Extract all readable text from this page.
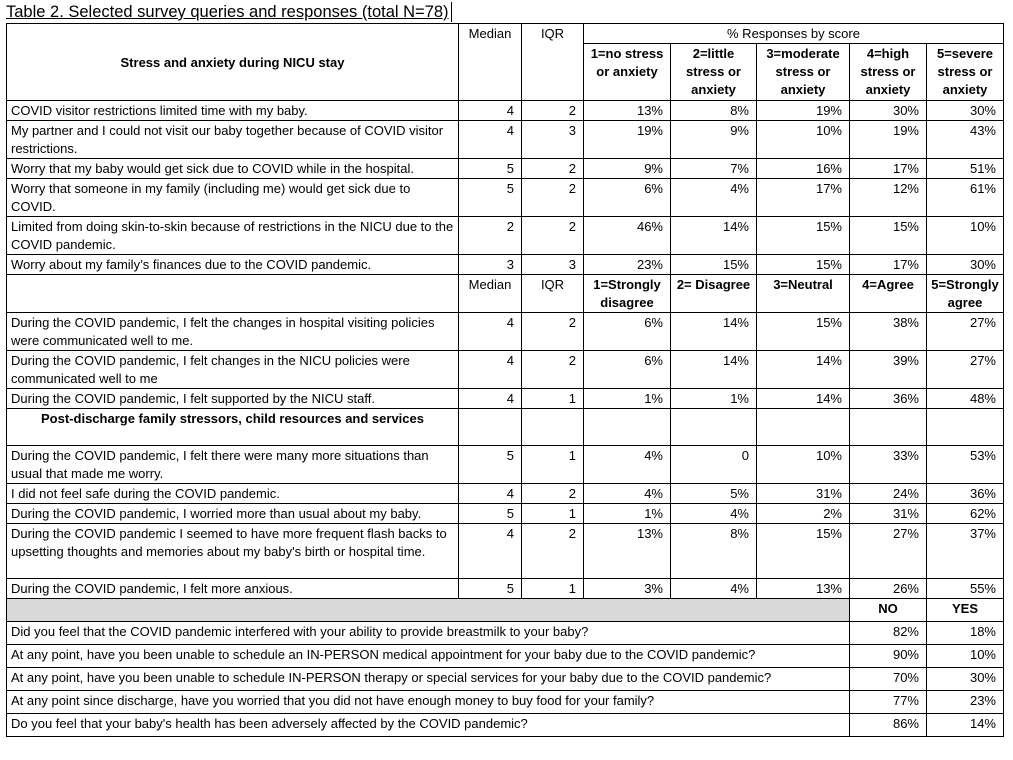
Table 2. Selected survey queries and responses (total N=78)
Stress and anxiety during NICU stay	Median	IQR	% Responses by score				
			1=no stress or anxiety	2=little stress or anxiety	3=moderate stress or anxiety	4=high stress or anxiety	5=severe stress or anxiety
COVID visitor restrictions limited time with my baby.	4	2	13%	8%	19%	30%	30%
My partner and I could not visit our baby together because of COVID visitor restrictions.	4	3	19%	9%	10%	19%	43%
Worry that my baby would get sick due to COVID while in the hospital.	5	2	9%	7%	16%	17%	51%
Worry that someone in my family (including me) would get sick due to COVID.	5	2	6%	4%	17%	12%	61%
Limited from doing skin-to-skin because of restrictions in the NICU due to the COVID pandemic.	2	2	46%	14%	15%	15%	10%
Worry about my family’s finances due to the COVID pandemic.	3	3	23%	15%	15%	17%	30%
	Median	IQR	1=Strongly disagree	2= Disagree	3=Neutral	4=Agree	5=Strongly agree
During the COVID pandemic, I felt the changes in hospital visiting policies were communicated well to me.	4	2	6%	14%	15%	38%	27%
During the COVID pandemic, I felt changes in the NICU policies were communicated well to me	4	2	6%	14%	14%	39%	27%
During the COVID pandemic, I felt supported by the NICU staff.	4	1	1%	1%	14%	36%	48%
Post-discharge family stressors, child resources and services							
During the COVID pandemic, I felt there were many more situations than usual that made me worry.	5	1	4%	0	10%	33%	53%
I did not feel safe during the COVID pandemic.	4	2	4%	5%	31%	24%	36%
During the COVID pandemic, I worried more than usual about my baby.	5	1	1%	4%	2%	31%	62%
During the COVID pandemic I seemed to have more frequent flash backs to upsetting thoughts and memories about my baby's birth or hospital time.	4	2	13%	8%	15%	27%	37%
During the COVID pandemic, I felt more anxious.	5	1	3%	4%	13%	26%	55%
						NO	YES
Did you feel that the COVID pandemic interfered with your ability to provide breastmilk to your baby?						82%	18%
At any point, have you been unable to schedule an IN-PERSON medical appointment for your baby due to the COVID pandemic?						90%	10%
At any point, have you been unable to schedule IN-PERSON therapy or special services for your baby due to the COVID pandemic?						70%	30%
At any point since discharge, have you worried that you did not have enough money to buy food for your family?						77%	23%
Do you feel that your baby's health has been adversely affected by the COVID pandemic?						86%	14%
